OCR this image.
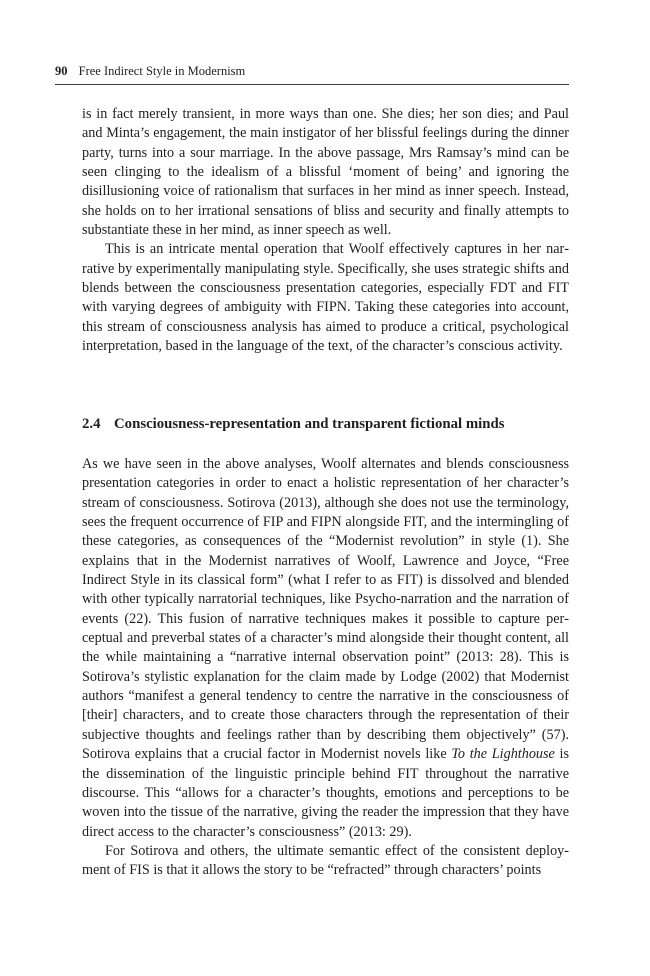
90 Free Indirect Style in Modernism

is in fact merely transient, in more ways than one. She dies; her son dies; and Paul and Minta’s engagement, the main instigator of her blissful feelings during the dinner party, turns into a sour marriage. In the above passage, Mrs Ramsay’s mind can be seen clinging to the idealism of a blissful ‘moment of being’ and ignoring the disillusioning voice of rationalism that surfaces in her mind as inner speech. Instead, she holds on to her irrational sensations of bliss and security and finally attempts to substantiate these in her mind, as inner speech as well.

This is an intricate mental operation that Woolf effectively captures in her narrative by experimentally manipulating style. Specifically, she uses strategic shifts and blends between the consciousness presentation categories, especially FDT and FIT with varying degrees of ambiguity with FIPN. Taking these categories into account, this stream of consciousness analysis has aimed to produce a critical, psychological interpretation, based in the language of the text, of the character’s conscious activity.

2.4 Consciousness-representation and transparent fictional minds

As we have seen in the above analyses, Woolf alternates and blends consciousness presentation categories in order to enact a holistic representation of her character’s stream of consciousness. Sotirova (2013), although she does not use the terminology, sees the frequent occurrence of FIP and FIPN alongside FIT, and the intermingling of these categories, as consequences of the “Modernist revolution” in style (1). She explains that in the Modernist narratives of Woolf, Lawrence and Joyce, “Free Indirect Style in its classical form” (what I refer to as FIT) is dissolved and blended with other typically narratorial techniques, like Psycho-narration and the narration of events (22). This fusion of narrative techniques makes it possible to capture perceptual and preverbal states of a character’s mind alongside their thought content, all the while maintaining a “narrative internal observation point” (2013: 28). This is Sotirova’s stylistic explanation for the claim made by Lodge (2002) that Modernist authors “manifest a general tendency to centre the narrative in the consciousness of [their] characters, and to create those characters through the representation of their subjective thoughts and feelings rather than by describing them objectively” (57). Sotirova explains that a crucial factor in Modernist novels like To the Lighthouse is the dissemination of the linguistic principle behind FIT throughout the narrative discourse. This “allows for a character’s thoughts, emotions and perceptions to be woven into the tissue of the narrative, giving the reader the impression that they have direct access to the character’s consciousness” (2013: 29).

For Sotirova and others, the ultimate semantic effect of the consistent deployment of FIS is that it allows the story to be “refracted” through characters’ points
